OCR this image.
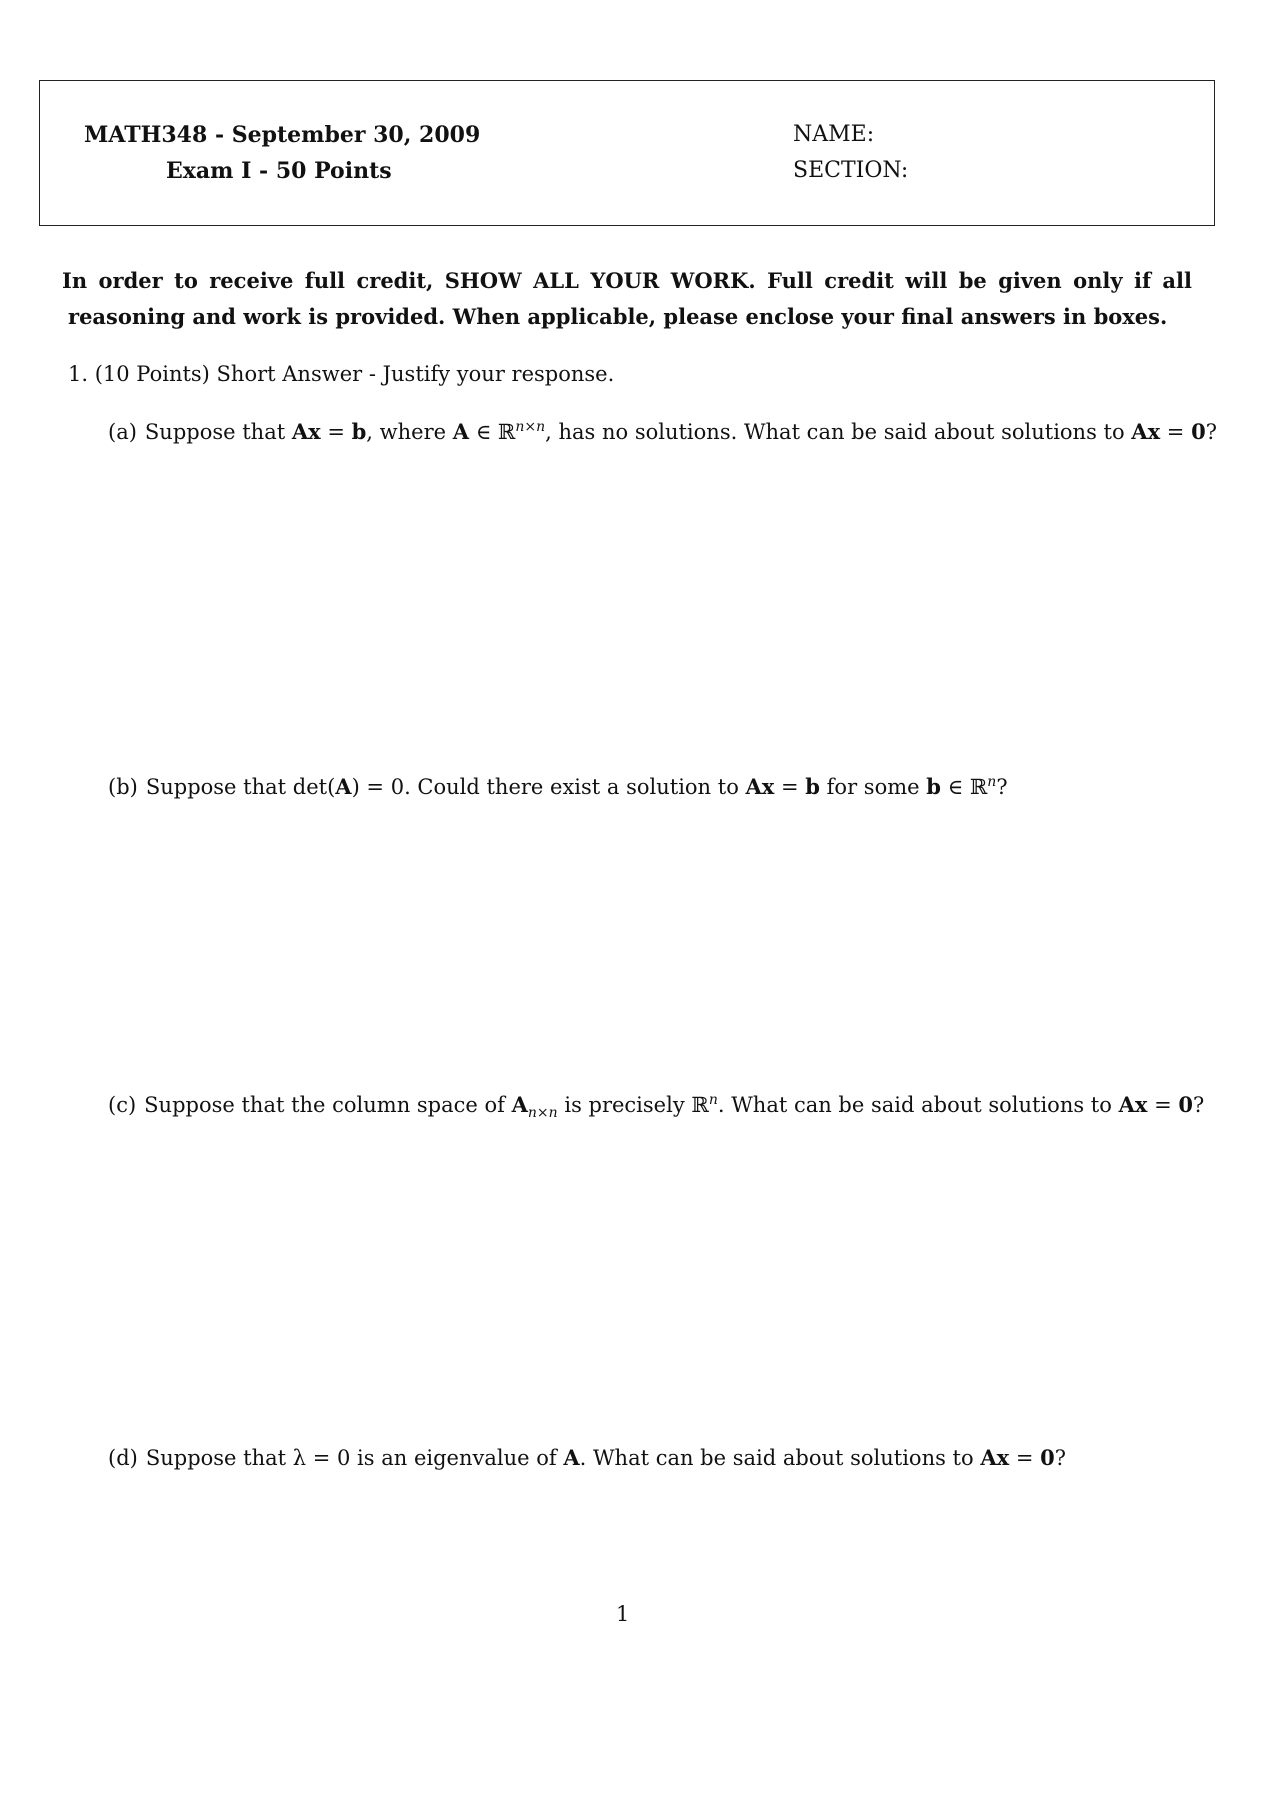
MATH348 - September 30, 2009
Exam I - 50 Points
NAME:
SECTION:
In order to receive full credit, SHOW ALL YOUR WORK. Full credit will be given only if all
reasoning and work is provided. When applicable, please enclose your final answers in boxes.
1. (10 Points) Short Answer - Justify your response.
(a) Suppose that Ax = b, where A ∈ ℝ$^{n\times n}$, has no solutions. What can be said about solutions to Ax = 0?
(b) Suppose that det(A) = 0. Could there exist a solution to Ax = b for some b ∈ ℝ$^n$?
(c) Suppose that the column space of $A_{n\times n}$ is precisely ℝ$^n$. What can be said about solutions to Ax = 0?
(d) Suppose that λ = 0 is an eigenvalue of A. What can be said about solutions to Ax = 0?
1
